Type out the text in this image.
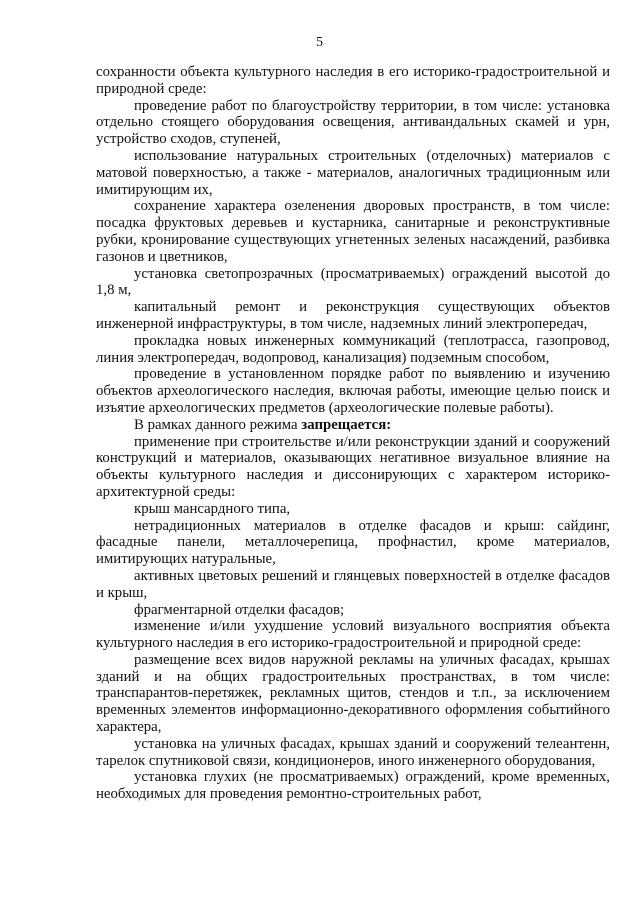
5

сохранности объекта культурного наследия в его историко-градостроительной и природной среде:

проведение работ по благоустройству территории, в том числе: установка отдельно стоящего оборудования освещения, антивандальных скамей и урн, устройство сходов, ступеней,

использование натуральных строительных (отделочных) материалов с матовой поверхностью, а также - материалов, аналогичных традиционным или имитирующим их,

сохранение характера озеленения дворовых пространств, в том числе: посадка фруктовых деревьев и кустарника, санитарные и реконструктивные рубки, кронирование существующих угнетенных зеленых насаждений, разбивка газонов и цветников,

установка светопрозрачных (просматриваемых) ограждений высотой до 1,8 м,

капитальный ремонт и реконструкция существующих объектов инженерной инфраструктуры, в том числе, надземных линий электропередач,

прокладка новых инженерных коммуникаций (теплотрасса, газопровод, линия электропередач, водопровод, канализация) подземным способом,

проведение в установленном порядке работ по выявлению и изучению объектов археологического наследия, включая работы, имеющие целью поиск и изъятие археологических предметов (археологические полевые работы).

В рамках данного режима запрещается:

применение при строительстве и/или реконструкции зданий и сооружений конструкций и материалов, оказывающих негативное визуальное влияние на объекты культурного наследия и диссонирующих с характером историко-архитектурной среды:

крыш мансардного типа,

нетрадиционных материалов в отделке фасадов и крыш: сайдинг, фасадные панели, металлочерепица, профнастил, кроме материалов, имитирующих натуральные,

активных цветовых решений и глянцевых поверхностей в отделке фасадов и крыш,

фрагментарной отделки фасадов;

изменение и/или ухудшение условий визуального восприятия объекта культурного наследия в его историко-градостроительной и природной среде:

размещение всех видов наружной рекламы на уличных фасадах, крышах зданий и на общих градостроительных пространствах, в том числе: транспарантов-перетяжек, рекламных щитов, стендов и т.п., за исключением временных элементов информационно-декоративного оформления событийного характера,

установка на уличных фасадах, крышах зданий и сооружений телеантенн, тарелок спутниковой связи, кондиционеров, иного инженерного оборудования,

установка глухих (не просматриваемых) ограждений, кроме временных, необходимых для проведения ремонтно-строительных работ,
